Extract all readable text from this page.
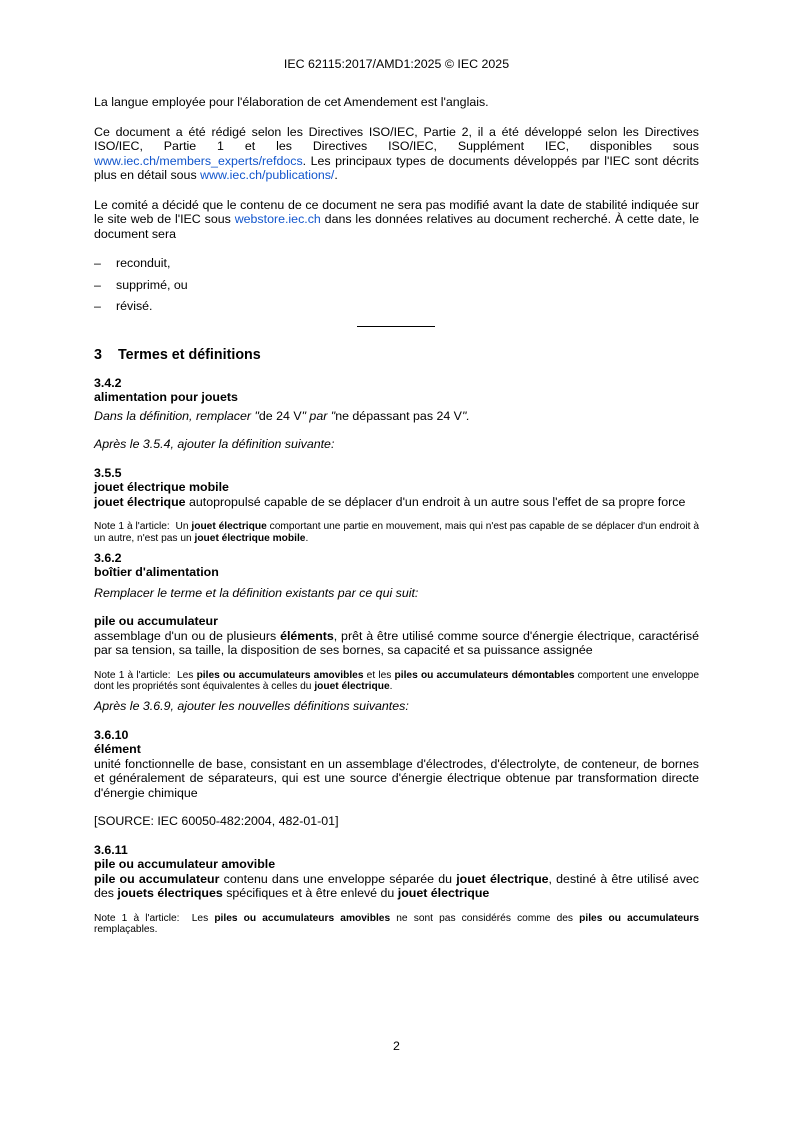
IEC 62115:2017/AMD1:2025 © IEC 2025

La langue employée pour l'élaboration de cet Amendement est l'anglais.

Ce document a été rédigé selon les Directives ISO/IEC, Partie 2, il a été développé selon les Directives ISO/IEC, Partie 1 et les Directives ISO/IEC, Supplément IEC, disponibles sous www.iec.ch/members_experts/refdocs. Les principaux types de documents développés par l'IEC sont décrits plus en détail sous www.iec.ch/publications/.

Le comité a décidé que le contenu de ce document ne sera pas modifié avant la date de stabilité indiquée sur le site web de l'IEC sous webstore.iec.ch dans les données relatives au document recherché. À cette date, le document sera

–	reconduit,
–	supprimé, ou
–	révisé.
3 Termes et définitions
3.4.2
alimentation pour jouets

Dans la définition, remplacer "de 24 V" par "ne dépassant pas 24 V".

Après le 3.5.4, ajouter la définition suivante:

3.5.5
jouet électrique mobile

jouet électrique autopropulsé capable de se déplacer d'un endroit à un autre sous l'effet de sa propre force

Note 1 à l'article: Un jouet électrique comportant une partie en mouvement, mais qui n'est pas capable de se déplacer d'un endroit à un autre, n'est pas un jouet électrique mobile.

3.6.2
boîtier d'alimentation

Remplacer le terme et la définition existants par ce qui suit:

pile ou accumulateur

assemblage d'un ou de plusieurs éléments, prêt à être utilisé comme source d'énergie électrique, caractérisé par sa tension, sa taille, la disposition de ses bornes, sa capacité et sa puissance assignée

Note 1 à l'article: Les piles ou accumulateurs amovibles et les piles ou accumulateurs démontables comportent une enveloppe dont les propriétés sont équivalentes à celles du jouet électrique.

Après le 3.6.9, ajouter les nouvelles définitions suivantes:

3.6.10
élément

unité fonctionnelle de base, consistant en un assemblage d'électrodes, d'électrolyte, de conteneur, de bornes et généralement de séparateurs, qui est une source d'énergie électrique obtenue par transformation directe d'énergie chimique

[SOURCE: IEC 60050-482:2004, 482-01-01]

3.6.11
pile ou accumulateur amovible

pile ou accumulateur contenu dans une enveloppe séparée du jouet électrique, destiné à être utilisé avec des jouets électriques spécifiques et à être enlevé du jouet électrique

Note 1 à l'article: Les piles ou accumulateurs amovibles ne sont pas considérés comme des piles ou accumulateurs remplaçables.

2
